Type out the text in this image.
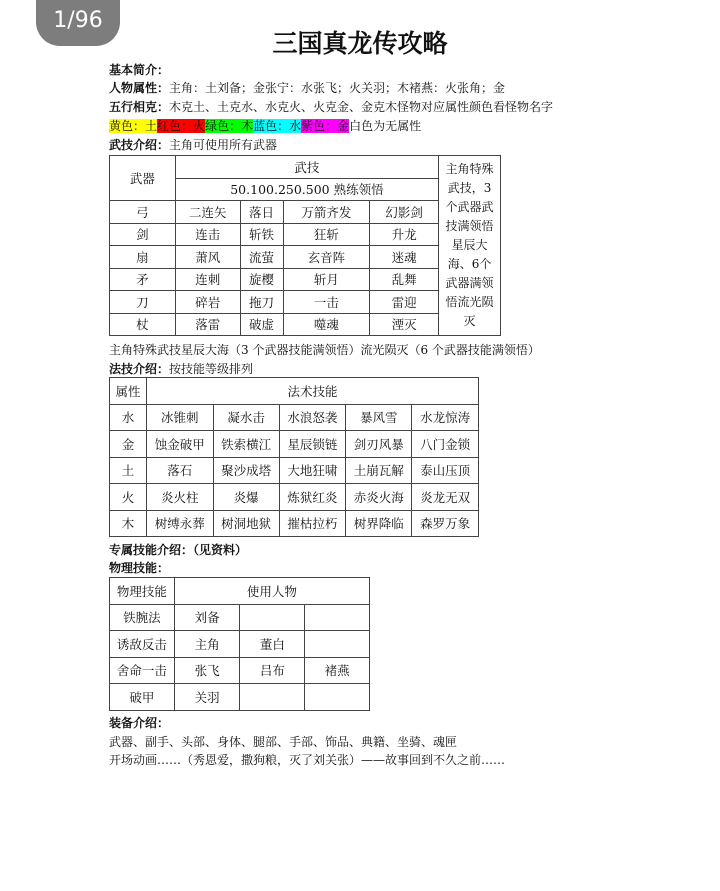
1/96
三国真龙传攻略
基本简介：
人物属性：主角：土刘备；金张宁：水张飞；火关羽；木褚燕：火张角；金
五行相克：木克土、土克水、水克火、火克金、金克木怪物对应属性颜色看怪物名字
黄色：土红色：火绿色：木蓝色：水紫色：金白色为无属性
武技介绍：主角可使用所有武器
武器	武技				主角特殊武技，3个武器武技满领悟星辰大海、6个武器满领悟流光陨灭
	50.100.250.500 熟练领悟				
弓	二连矢	落日	万箭齐发	幻影剑	
剑	连击	斩铁	狂斩	升龙	
扇	萧风	流萤	玄音阵	迷魂	
矛	连刺	旋樱	斩月	乱舞	
刀	碎岩	拖刀	一击	雷迎	
杖	落雷	破虚	噬魂	湮灭	
主角特殊武技星辰大海（3 个武器技能满领悟）流光陨灭（6 个武器技能满领悟）
法技介绍：按技能等级排列
属性	法术技能				
水	冰锥刺	凝水击	水浪怒袭	暴风雪	水龙惊涛
金	蚀金破甲	铁索横江	星辰锁链	剑刃风暴	八门金锁
土	落石	聚沙成塔	大地狂啸	土崩瓦解	泰山压顶
火	炎火柱	炎爆	炼狱红炎	赤炎火海	炎龙无双
木	树缚永葬	树洞地狱	摧枯拉朽	树界降临	森罗万象
专属技能介绍：（见资料）
物理技能：
物理技能	使用人物		
铁腕法	刘备		
诱敌反击	主角	董白	
舍命一击	张飞	吕布	褚燕
破甲	关羽		
装备介绍：
武器、副手、头部、身体、腿部、手部、饰品、典籍、坐骑、魂匣
开场动画……（秀恩爱，撒狗粮，灭了刘关张）——故事回到不久之前……
